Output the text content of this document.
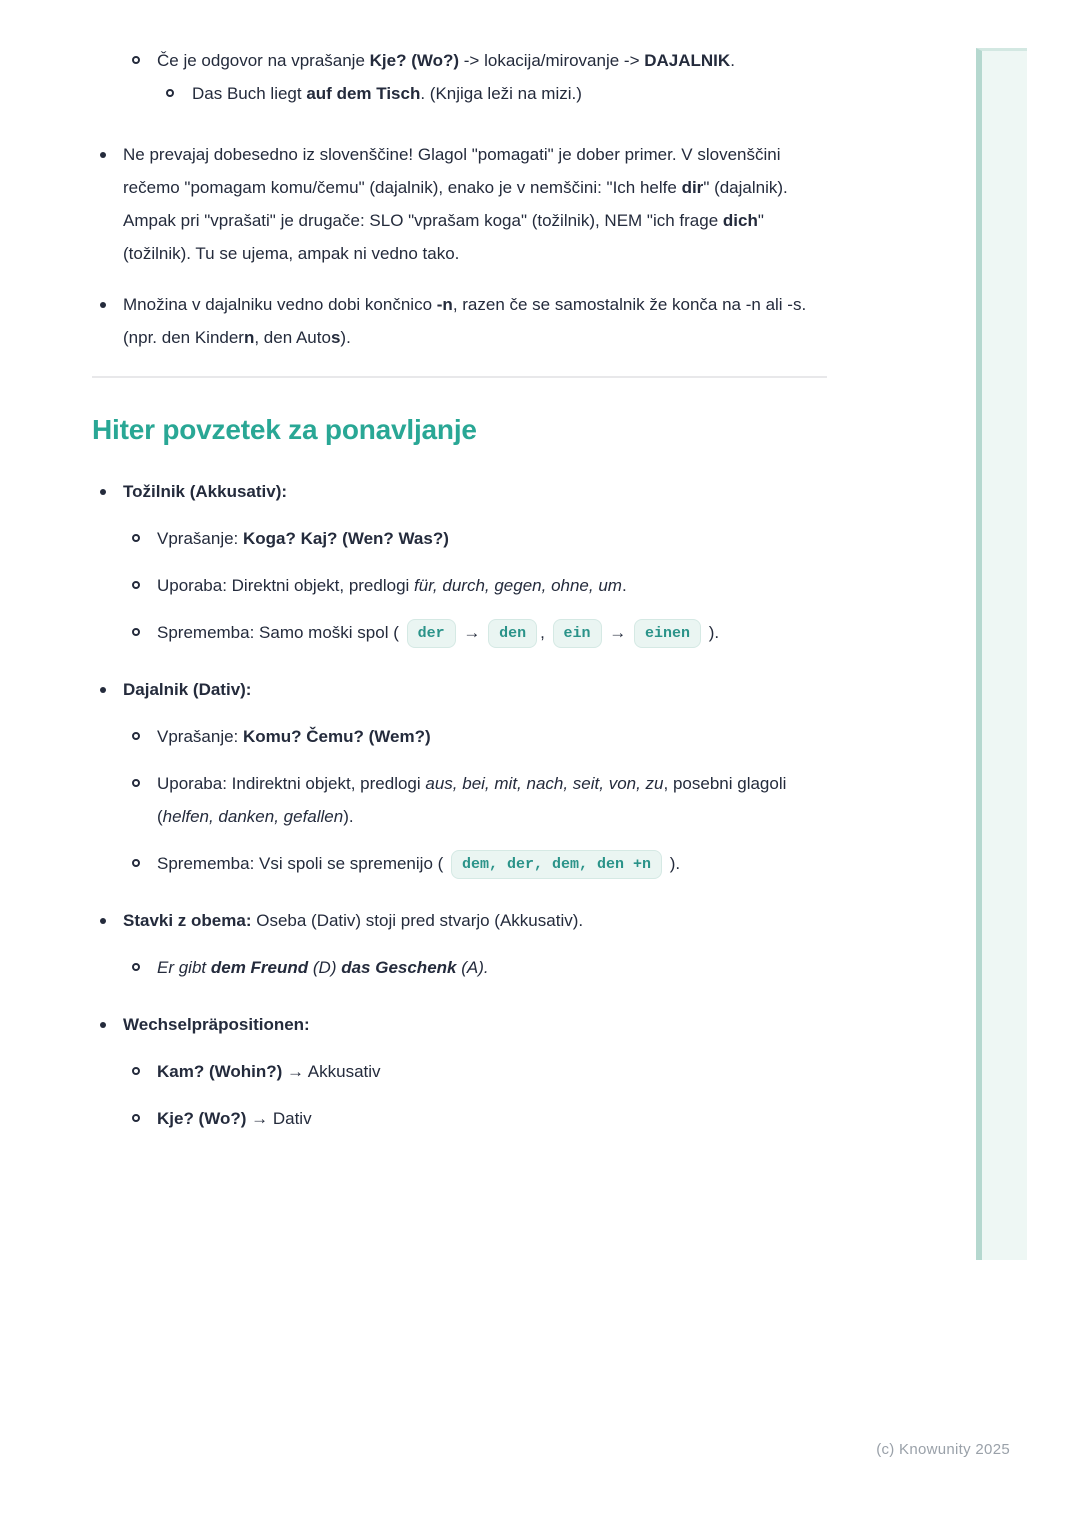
Če je odgovor na vprašanje Kje? (Wo?) -> lokacija/mirovanje -> DAJALNIK.
Das Buch liegt auf dem Tisch. (Knjiga leži na mizi.)
Ne prevajaj dobesedno iz slovenščine! Glagol "pomagati" je dober primer. V slovenščini rečemo "pomagam komu/čemu" (dajalnik), enako je v nemščini: "Ich helfe dir" (dajalnik). Ampak pri "vprašati" je drugače: SLO "vprašam koga" (tožilnik), NEM "ich frage dich" (tožilnik). Tu se ujema, ampak ni vedno tako.
Množina v dajalniku vedno dobi končnico -n, razen če se samostalnik že konča na -n ali -s. (npr. den Kindern, den Autos).
Hiter povzetek za ponavljanje
Tožilnik (Akkusativ):
Vprašanje: Koga? Kaj? (Wen? Was?)
Uporaba: Direktni objekt, predlogi für, durch, gegen, ohne, um.
Sprememba: Samo moški spol ( der → den , ein → einen ).
Dajalnik (Dativ):
Vprašanje: Komu? Čemu? (Wem?)
Uporaba: Indirektni objekt, predlogi aus, bei, mit, nach, seit, von, zu, posebni glagoli (helfen, danken, gefallen).
Sprememba: Vsi spoli se spremenijo ( dem, der, dem, den +n ).
Stavki z obema: Oseba (Dativ) stoji pred stvarjo (Akkusativ).
Er gibt dem Freund (D) das Geschenk (A).
Wechselpräpositionen:
Kam? (Wohin?) → Akkusativ
Kje? (Wo?) → Dativ
(c) Knowunity 2025
